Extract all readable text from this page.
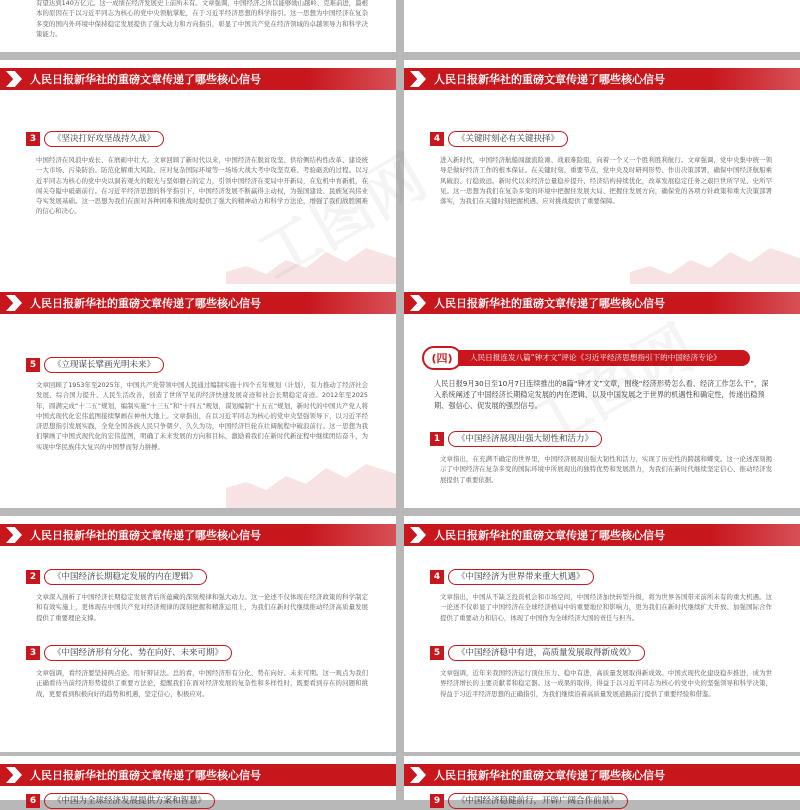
有望达到140万亿元。这一成绩在经济发展史上前所未有。文章强调，中国经济之所以能够勋山越岭、克难前进，最根本的原因在于以习近平同志为核心的党中央领航掌舵，在于习近平经济思想的科学指引。这一思想为中国经济在复杂多变的国内外环境中保持稳定发展提供了强大动力和方向指引，彰显了中国共产党在经济领域的卓越领导力和科学决策能力。
人民日报新华社的重磅文章传递了哪些核心信号
3	《坚决打好攻坚战持久战》
中国经济在风浪中成长、在磨砺中壮大。文章回顾了新时代以来，中国经济在脱贫攻坚、供给侧结构性改革、建设统一大市场、污染防治、防范化解重大风险、应对复杂国际环境等一场场大战大考中攻坚克难、考验砺劲的过程。以习近平同志为核心的党中央以洞若观火的眼光与坚如磐石的定力，引领中国经济在变局中开新局，在危机中育新机，在闯关夺隘中砥砺前行。在习近平经济思想的科学指引下，中国经济发展不断赢得主动权，为强国建设、民族复兴伟业夺实发展基础。这一思想为我们在面对各种困难和挑战时提供了强大的精神动力和科学方法论，增强了我们战胜困难的信心和决心。
人民日报新华社的重磅文章传递了哪些核心信号
4	《关键时刻必有关键抉择》
进入新时代，中国经济航船闯激流险滩、战艰难险阻，向着一个又一个胜利胜利航行。文章强调，党中央集中统一领导是做好经济工作的根本保证。在关键时刻、重要节点，党中央及时研判形势、作出决策部署，确保中国经济航船乘风破浪、行稳致远。新时代以来经济总量稳步提升、经济结构持续优化，改革发展稳定任务之艰巨世所罕见、史所罕见。这一思想为我们在复杂多变的环境中把握住发展大局、把握住发展方向，确保党的各项方针政策和重大决策部署落实，为我们在关键时刻把握机遇、应对挑战提供了重要保障。
人民日报新华社的重磅文章传递了哪些核心信号
5	《立现谋长擘画光明未来》
文章回顾了1953年至2025年，中国共产党带领中国人民通过编制实施十四个五年规划（计划），有力推动了经济社会发展、综合国力提升、人民生活改善，创造了世所罕见的经济快速发展奇迹和社会长期稳定奇迹。2012年至2025年，圆满完成“十二五”规划，编制实施“十三五”和“十四五”规划，谋划编制“十五五”规划，新时代的中国共产党人将中国式现代化宏伟蓝图接续擘画在神州大地上。文章指出，在以习近平同志为核心的党中央坚强领导下，以习近平经济思想指引发展实践，全党全国各族人民只争朝夕、久久为功，中国经济巨轮在壮阔航程中破浪前行。这一思想为我们擘画了中国式现代化的宏伟蓝图，明确了未来发展的方向和目标，激励着我们在新时代新征程中继续团结奋斗，为实现中华民族伟大复兴的中国梦而努力拼搏。
人民日报新华社的重磅文章传递了哪些核心信号
(四)	人民日报连发八篇“钟才文”评论《习近平经济思想指引下的中国经济专论》
人民日报9月30日至10月7日连续推出的8篇“钟才文”文章，围绕“经济形势怎么看、经济工作怎么干”，深入系统阐述了中国经济长期稳定发展的内在逻辑，以及中国发展之于世界的机遇性和确定性，传递出稳预期、强信心、促发展的强烈信号。
1	《中国经济展现出强大韧性和活力》
文章指出，在充满不确定的世界里，中国经济展现出强大韧性和活力，实现了历史性的跨越和蝶变。这一论述深刻揭示了中国经济在复杂多变的国际环境中所展现出的独特优势和发展潜力，为我们在新时代继续坚定信心、推动经济发展提供了重要依据。
人民日报新华社的重磅文章传递了哪些核心信号
2	《中国经济长期稳定发展的内在逻辑》
文章深入剖析了中国经济长期稳定发展背后所蕴藏的深刻规律和强大动力。这一论述不仅体现在经济政策的科学制定和有效实施上，更体现在中国共产党对经济规律的深刻把握和精准运用上，为我们在新时代继续推动经济高质量发展提供了重要理论支撑。
3	《中国经济形有分化、势在向好、未来可期》
文章强调，看经济要坚持两点论。用好辩证法。总的看，中国经济形有分化、势在向好、未来可期。这一观点为我们正确看待当前经济形势提供了重要方法论，提醒我们在面对经济发展的复杂性和多样性时，既要看到存在的问题和挑战，更要看到积极向好的趋势和机遇，坚定信心，积极应对。
人民日报新华社的重磅文章传递了哪些核心信号
4	《中国经济为世界带来重大机遇》
文章指出，中国从不缺乏投资机会和市场空间，中国经济加快转型升级，将为世界各国带来前所未有的重大机遇。这一论述不仅彰显了中国经济在全球经济格局中的重要地位和影响力，更为我们在新时代继续扩大开放、加强国际合作提供了重要动力和信心，体现了中国作为全球经济大国的责任与担当。
5	《中国经济稳中有进，高质量发展取得新成效》
文章强调，近年来我国经济运行顶住压力、稳中有进，高质量发展取得新成效。中国式现代化建设稳步推进，成为世界经济增长的主要贡献者和稳定器。这一成果的取得，得益于以习近平同志为核心的党中央的坚强领导和科学决策，得益于习近平经济思想的正确指引，为我们继续沿着高质量发展道路前行提供了重要经验和借鉴。
人民日报新华社的重磅文章传递了哪些核心信号
6	《中国为全球经济发展提供方案和智慧》
人民日报新华社的重磅文章传递了哪些核心信号
9	《中国经济稳健前行，开辟广阔合作前景》
